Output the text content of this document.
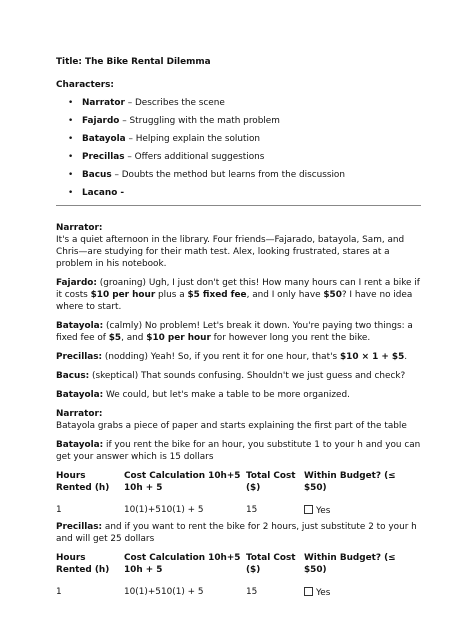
Title: The Bike Rental Dilemma
Characters:
• Narrator – Describes the scene
• Fajardo – Struggling with the math problem
• Batayola – Helping explain the solution
• Precillas – Offers additional suggestions
• Bacus – Doubts the method but learns from the discussion
• Lacano -
Narrator:

It's a quiet afternoon in the library. Four friends—Fajarado, batayola, Sam, and Chris—are studying for their math test. Alex, looking frustrated, stares at a problem in his notebook.

Fajardo: (groaning) Ugh, I just don't get this! How many hours can I rent a bike if it costs $10 per hour plus a $5 fixed fee, and I only have $50? I have no idea where to start.

Batayola: (calmly) No problem! Let's break it down. You're paying two things: a fixed fee of $5, and $10 per hour for however long you rent the bike.

Precillas: (nodding) Yeah! So, if you rent it for one hour, that's $10 × 1 + $5.

Bacus: (skeptical) That sounds confusing. Shouldn't we just guess and check?

Batayola: We could, but let's make a table to be more organized.

Narrator:

Batayola grabs a piece of paper and starts explaining the first part of the table

Batayola: if you rent the bike for an hour, you substitute 1 to your h and you can get your answer which is 15 dollars

Hours Rented (h)	Cost Calculation 10h+5 10h + 5	Total Cost ($)	Within Budget? (≤ $50)
1	10(1)+510(1) + 5	15	Yes

Precillas: and if you want to rent the bike for 2 hours, just substitute 2 to your h and will get 25 dollars

Hours Rented (h)	Cost Calculation 10h+5 10h + 5	Total Cost ($)	Within Budget? (≤ $50)
1	10(1)+510(1) + 5	15	Yes
